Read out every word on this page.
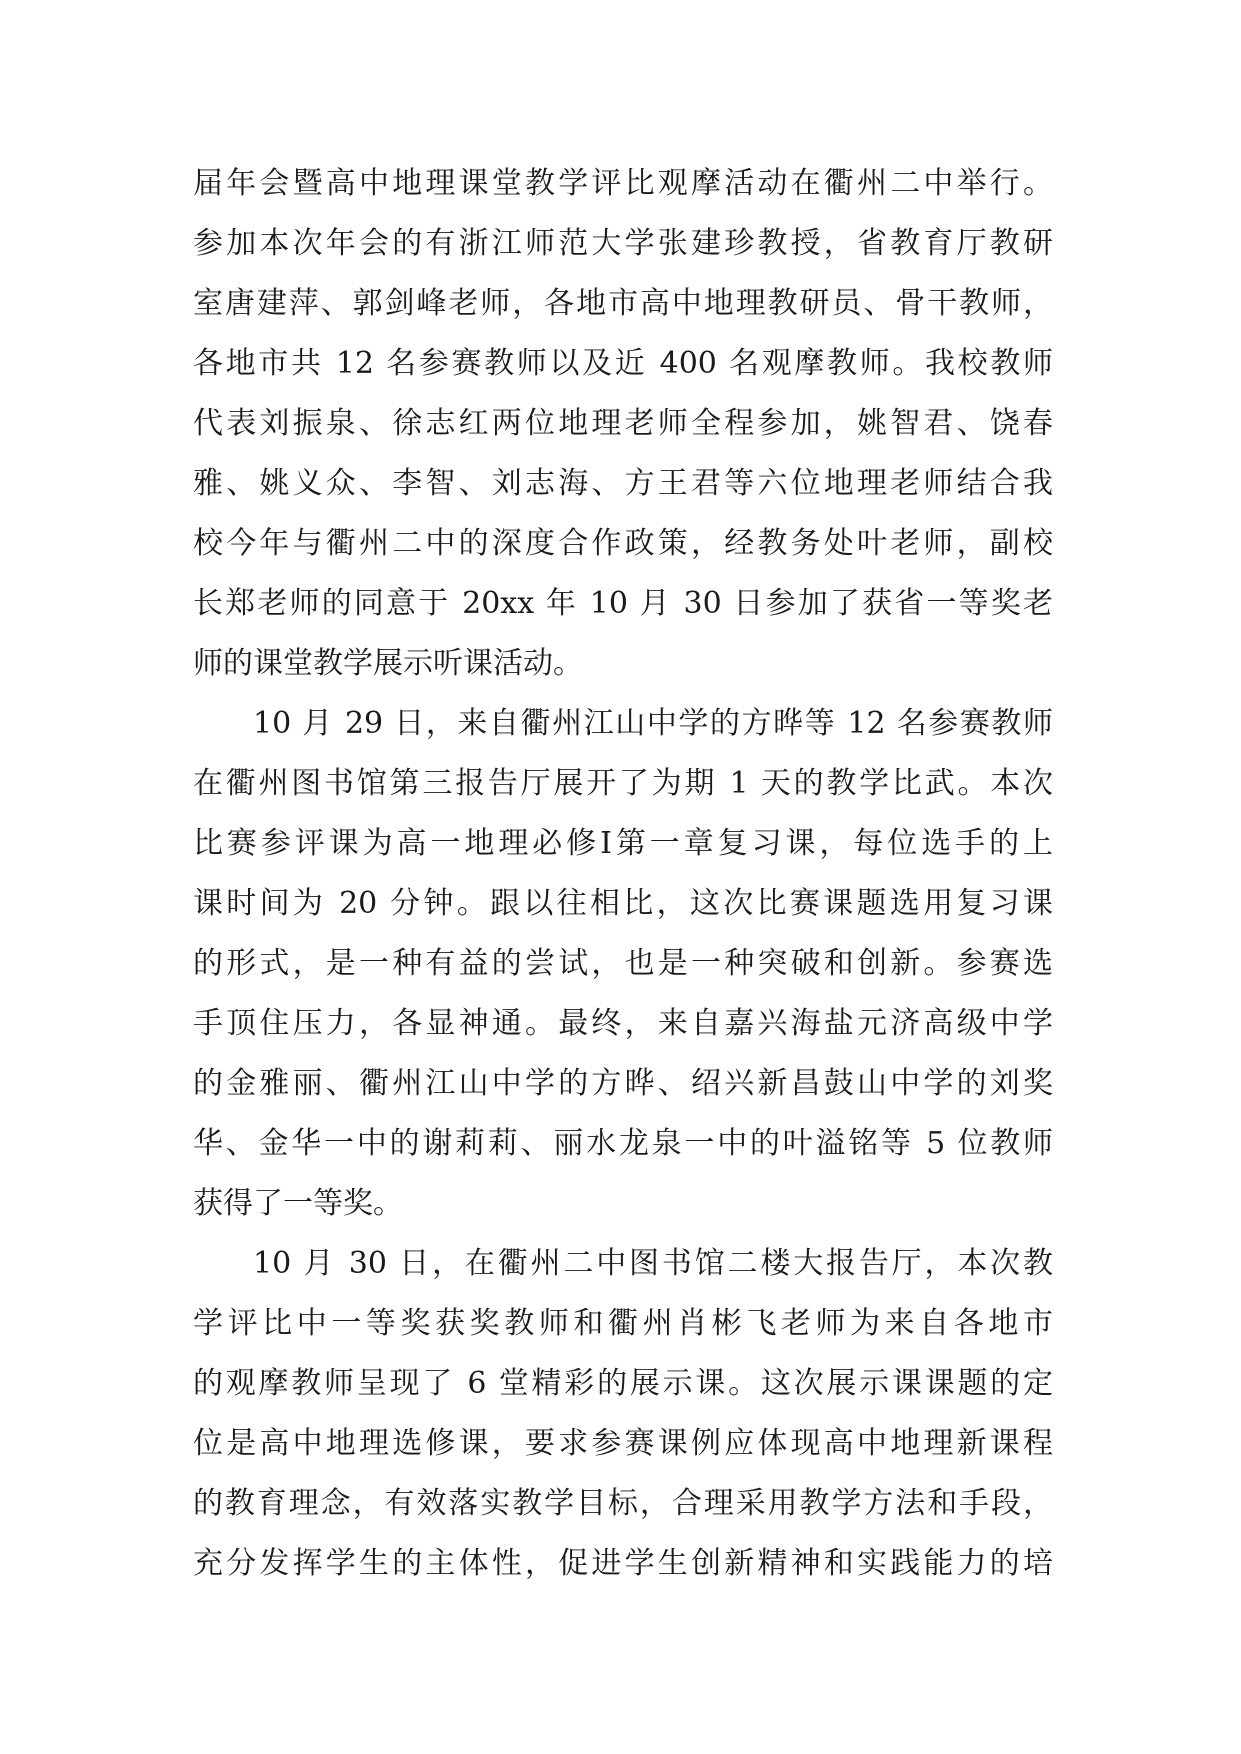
届年会暨高中地理课堂教学评比观摩活动在衢州二中举行。
参加本次年会的有浙江师范大学张建珍教授，省教育厅教研
室唐建萍、郭剑峰老师，各地市高中地理教研员、骨干教师，
各地市共 12 名参赛教师以及近 400 名观摩教师。我校教师
代表刘振泉、徐志红两位地理老师全程参加，姚智君、饶春
雅、姚义众、李智、刘志海、方王君等六位地理老师结合我
校今年与衢州二中的深度合作政策，经教务处叶老师，副校
长郑老师的同意于 20xx 年 10 月 30 日参加了获省一等奖老
师的课堂教学展示听课活动。
10 月 29 日，来自衢州江山中学的方晔等 12 名参赛教师
在衢州图书馆第三报告厅展开了为期 1 天的教学比武。本次
比赛参评课为高一地理必修Ⅰ第一章复习课，每位选手的上
课时间为 20 分钟。跟以往相比，这次比赛课题选用复习课
的形式，是一种有益的尝试，也是一种突破和创新。参赛选
手顶住压力，各显神通。最终，来自嘉兴海盐元济高级中学
的金雅丽、衢州江山中学的方晔、绍兴新昌鼓山中学的刘奖
华、金华一中的谢莉莉、丽水龙泉一中的叶溢铭等 5 位教师
获得了一等奖。
10 月 30 日，在衢州二中图书馆二楼大报告厅，本次教
学评比中一等奖获奖教师和衢州肖彬飞老师为来自各地市
的观摩教师呈现了 6 堂精彩的展示课。这次展示课课题的定
位是高中地理选修课，要求参赛课例应体现高中地理新课程
的教育理念，有效落实教学目标，合理采用教学方法和手段，
充分发挥学生的主体性，促进学生创新精神和实践能力的培
